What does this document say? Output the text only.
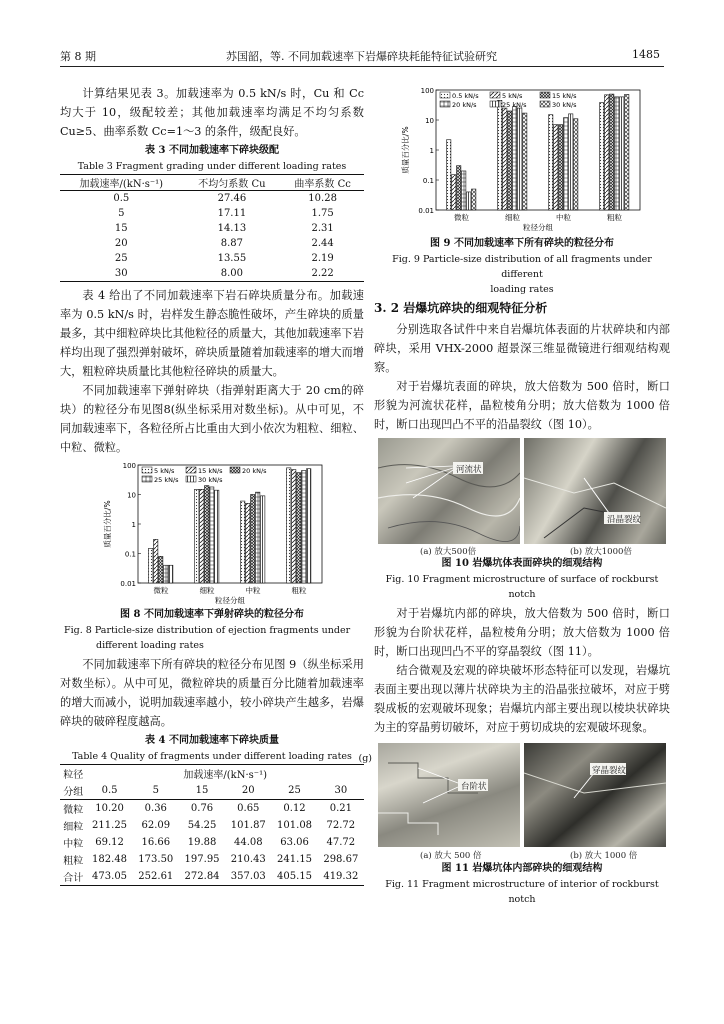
第 8 期	苏国韶，等. 不同加载速率下岩爆碎块耗能特征试验研究	1485

计算结果见表 3。加载速率为 0.5 kN/s 时，Cu 和 Cc 均大于 10，级配较差；其他加载速率均满足不均匀系数 Cu≥5、曲率系数 Cc=1～3 的条件，级配良好。

表 3 不同加载速率下碎块级配

Table 3 Fragment grading under different loading rates

加载速率/(kN·s⁻¹)	不均匀系数 Cu	曲率系数 Cc
0.5	27.46	10.28
5	17.11	1.75
15	14.13	2.31
20	8.87	2.44
25	13.55	2.19
30	8.00	2.22

表 4 给出了不同加载速率下岩石碎块质量分布。加载速率为 0.5 kN/s 时，岩样发生静态脆性破坏，产生碎块的质量最多，其中细粒碎块比其他粒径的质量大，其他加载速率下岩样均出现了强烈弹射破坏，碎块质量随着加载速率的增大而增大，粗粒碎块质量比其他粒径碎块的质量大。

不同加载速率下弹射碎块（指弹射距离大于 20 cm的碎块）的粒径分布见图8(纵坐标采用对数坐标)。从中可见，不同加载速率下，各粒径所占比重由大到小依次为粗粒、细粒、中粒、微粒。

0.01
0.1
1
10
100
质量百分比/%
微粒	细粒	中粒	粗粒
粒径分组
5 kN/s	15 kN/s	20 kN/s
25 kN/s	30 kN/s

图 8 不同加载速率下弹射碎块的粒径分布

Fig. 8 Particle-size distribution of ejection fragments under

different loading rates

不同加载速率下所有碎块的粒径分布见图 9（纵坐标采用对数坐标）。从中可见，微粒碎块的质量百分比随着加载速率的增大而减小，说明加载速率越小，较小碎块产生越多，岩爆碎块的破碎程度越高。

表 4 不同加载速率下碎块质量

Table 4 Quality of fragments under different loading rates (g)
粒径	加载速率/(kN·s⁻¹)					
分组	0.5	5	15	20	25	30
微粒	10.20	0.36	0.76	0.65	0.12	0.21
细粒	211.25	62.09	54.25	101.87	101.08	72.72
中粒	69.12	16.66	19.88	44.08	63.06	47.72
粗粒	182.48	173.50	197.95	210.43	241.15	298.67
合计	473.05	252.61	272.84	357.03	405.15	419.32
0.01
0.1
1
10
100
质量百分比/%
微粒	细粒	中粒	粗粒
粒径分组
0.5 kN/s	5 kN/s	15 kN/s
20 kN/s	25 kN/s	30 kN/s

图 9 不同加载速率下所有碎块的粒径分布

Fig. 9 Particle-size distribution of all fragments under different

loading rates

3. 2 岩爆坑碎块的细观特征分析

分别选取各试件中来自岩爆坑体表面的片状碎块和内部碎块，采用 VHX-2000 超景深三维显微镜进行细观结构观察。

对于岩爆坑表面的碎块，放大倍数为 500 倍时，断口形貌为河流状花样，晶粒棱角分明；放大倍数为 1000 倍时，断口出现凹凸不平的沿晶裂纹（图 10）。

河流状
沿晶裂纹
(a) 放大500倍	(b) 放大1000倍

图 10 岩爆坑体表面碎块的细观结构

Fig. 10 Fragment microstructure of surface of rockburst notch

对于岩爆坑内部的碎块，放大倍数为 500 倍时，断口形貌为台阶状花样，晶粒棱角分明；放大倍数为 1000 倍时，断口出现凹凸不平的穿晶裂纹（图 11）。

结合微观及宏观的碎块破坏形态特征可以发现，岩爆坑表面主要出现以薄片状碎块为主的沿晶张拉破坏，对应于劈裂成板的宏观破坏现象；岩爆坑内部主要出现以棱块状碎块为主的穿晶剪切破坏，对应于剪切成块的宏观破坏现象。

台阶状
穿晶裂纹
(a) 放大 500 倍	(b) 放大 1000 倍

图 11 岩爆坑体内部碎块的细观结构

Fig. 11 Fragment microstructure of interior of rockburst notch
